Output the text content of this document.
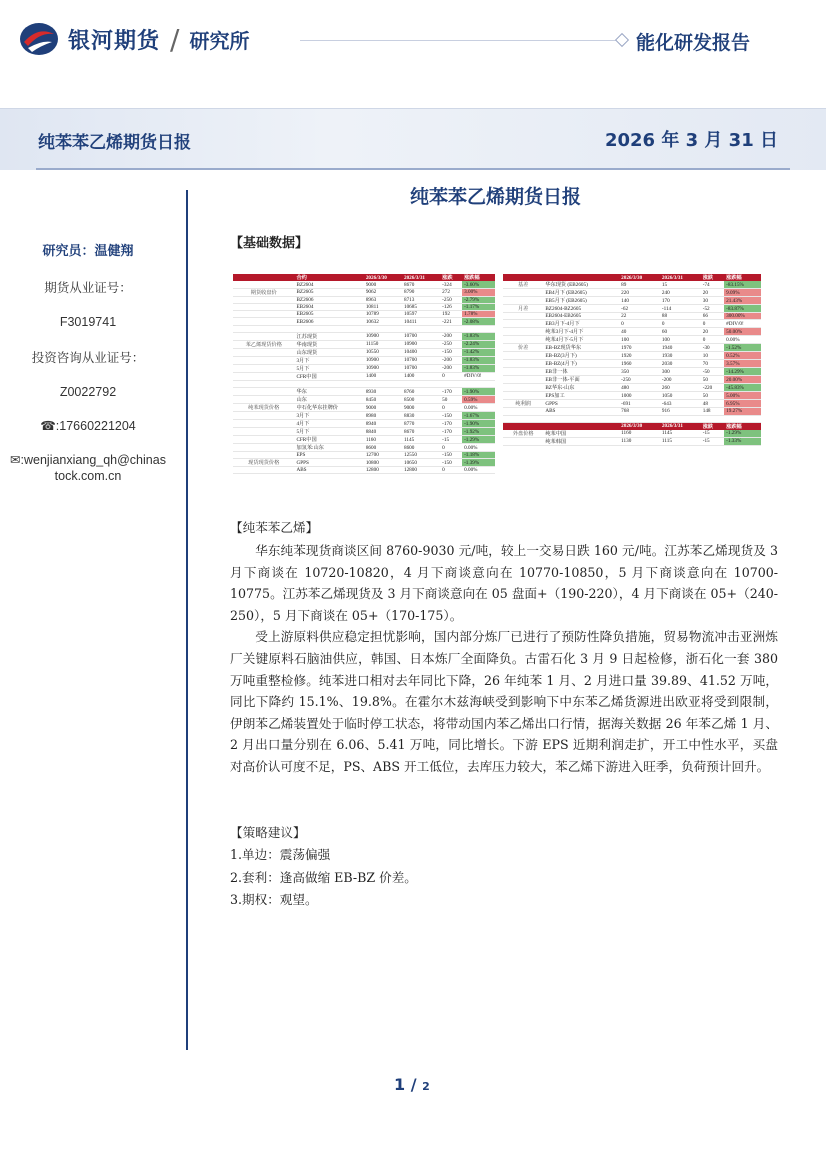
银河期货 / 研究所	能化研发报告
纯苯苯乙烯期货日报	2026 年 3 月 31 日
研究员：温健翔
期货从业证号：
F3019741
投资咨询从业证号：
Z0022792
☎:17660221204
✉:wenjianxiang_qh@chinas
tock.com.cn
纯苯苯乙烯期货日报
【基础数据】
	合约	2026/3/30	2026/3/31	涨跌	涨跌幅
	BZ2604	9000	8670	-324	-3.60%
期货收盘价	BZ2605	9062	8790	272	3.00%
	BZ2606	8963	8713	-250	-2.79%
	EB2604	10811	10685	-126	-1.17%
	EB2605	10789	10597	192	1.78%
	EB2606	10632	10411	-221	-2.08%

	江苏现货	10900	10700	-200	-1.83%
苯乙烯现货价格	华南现货	11150	10900	-250	-2.24%
	山东现货	10550	10400	-150	-1.42%
	3月下	10900	10700	-200	-1.83%
	5月下	10900	10700	-200	-1.83%
	CFR中国	1400	1400	0	#DIV/0!

	华东	8930	8760	-170	-1.90%
	山东	8450	8500	50	0.59%
纯苯现货价格	中石化华东挂牌价	9000	9000	0	0.00%
	3月下	8980	8830	-150	-1.67%
	4月下	8940	8770	-170	-1.90%
	5月下	8840	8670	-170	-1.92%
	CFR中国	1160	1145	-15	-1.29%
	加氢苯:山东	8600	8600	0	0.00%
	EPS	12700	12550	-150	-1.18%
现货现货价格	GPPS	10800	10650	-150	-1.39%
	ABS	12800	12800	0	0.00%
		2026/3/30	2026/3/31	涨跌	涨跌幅
基差	华东现货 (EB2605)	89	15	-74	-83.15%
	EB4月下 (EB2605)	220	240	20	9.09%
	EB5月下 (EB2605)	140	170	30	21.43%
月差	BZ2604-BZ2605	-62	-114	-52	-83.87%
	EB2604-EB2605	22	88	66	300.00%
	EB3月下-4月下	0	0	0	#DIV/0!
	纯苯3月下-4月下	40	60	20	50.00%
	纯苯4月下-5月下	100	100	0	0.00%
价差	EB-BZ现货华东	1970	1940	-30	-1.52%
	EB-BZ(3月下)	1920	1930	10	0.52%
	EB-BZ(4月下)	1960	2030	70	3.57%
	EB非一体	350	300	-50	-14.29%
	EB非一体-平面	-250	-200	50	20.00%
	BZ华东-山东	480	260	-220	-45.83%
	EPS加工	1000	1050	50	5.00%
纯利润	GPPS	-691	-643	48	6.95%
	ABS	768	916	148	19.27%

		2026/3/30	2026/3/31	涨跌	涨跌幅
外盘价格	纯苯中国	1160	1145	-15	-1.29%
	纯苯韩国	1130	1115	-15	-1.33%
【纯苯苯乙烯】

华东纯苯现货商谈区间 8760-9030 元/吨，较上一交易日跌 160 元/吨。江苏苯乙烯现货及 3 月下商谈在 10720-10820，4 月下商谈意向在 10770-10850，5 月下商谈意向在 10700-10775。江苏苯乙烯现货及 3 月下商谈意向在 05 盘面+（190-220），4 月下商谈在 05+（240-250），5 月下商谈在 05+（170-175）。

受上游原料供应稳定担忧影响，国内部分炼厂已进行了预防性降负措施，贸易物流冲击亚洲炼厂关键原料石脑油供应，韩国、日本炼厂全面降负。古雷石化 3 月 9 日起检修，浙石化一套 380 万吨重整检修。纯苯进口相对去年同比下降，26 年纯苯 1 月、2 月进口量 39.89、41.52 万吨，同比下降约 15.1%、19.8%。在霍尔木兹海峡受到影响下中东苯乙烯货源进出欧亚将受到限制，伊朗苯乙烯装置处于临时停工状态，将带动国内苯乙烯出口行情，据海关数据 26 年苯乙烯 1 月、2 月出口量分别在 6.06、5.41 万吨，同比增长。下游 EPS 近期利润走扩，开工中性水平，买盘对高价认可度不足，PS、ABS 开工低位，去库压力较大，苯乙烯下游进入旺季，负荷预计回升。

【策略建议】
1.单边：震荡偏强
2.套利：逢高做缩 EB-BZ 价差。
3.期权：观望。
1 / 2
